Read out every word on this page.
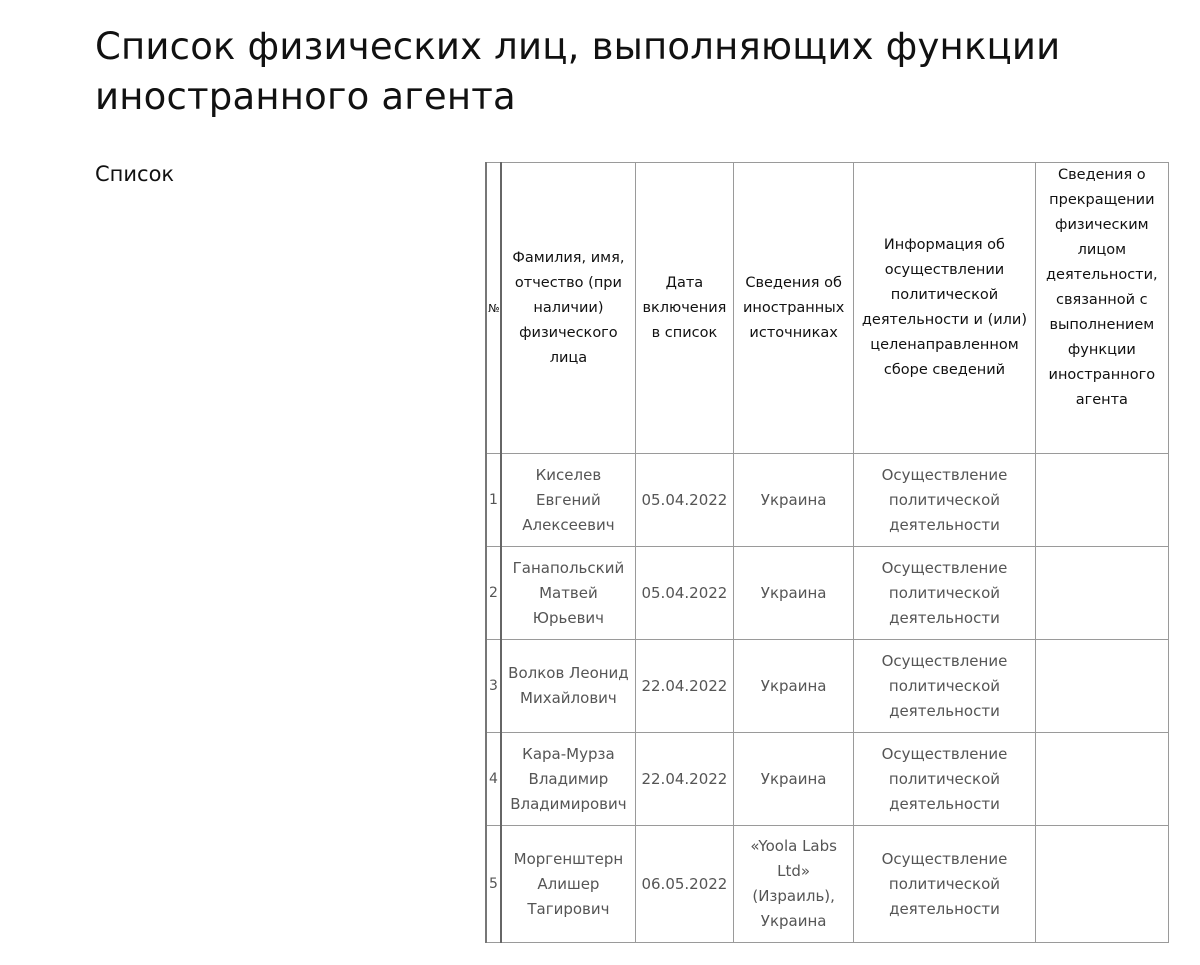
Список физических лиц, выполняющих функции иностранного агента
Список
№	Фамилия, имя, отчество (при наличии) физического лица	Дата включения в список	Сведения об иностранных источниках	Информация об осуществлении политической деятельности и (или) целенаправленном сборе сведений	Сведения о прекращении физическим лицом деятельности, связанной с выполнением функции иностранного агента
1	Киселев Евгений Алексеевич	05.04.2022	Украина	Осуществление политической деятельности	
2	Ганапольский Матвей Юрьевич	05.04.2022	Украина	Осуществление политической деятельности	
3	Волков Леонид Михайлович	22.04.2022	Украина	Осуществление политической деятельности	
4	Кара-Мурза Владимир Владимирович	22.04.2022	Украина	Осуществление политической деятельности	
5	Моргенштерн Алишер Тагирович	06.05.2022	«Yoola Labs Ltd» (Израиль), Украина	Осуществление политической деятельности	
